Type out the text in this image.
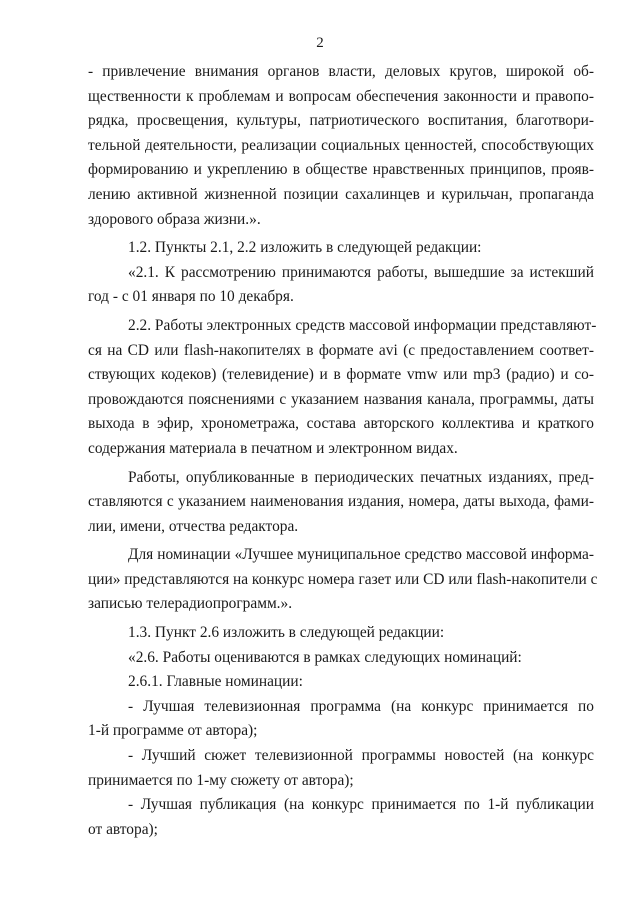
2

- привлечение внимания органов власти, деловых кругов, широкой об-
щественности к проблемам и вопросам обеспечения законности и правопо-
рядка, просвещения, культуры, патриотического воспитания, благотвори-
тельной деятельности, реализации социальных ценностей, способствующих
формированию и укреплению в обществе нравственных принципов, прояв-
лению активной жизненной позиции сахалинцев и курильчан, пропаганда
здорового образа жизни.».

1.2. Пункты 2.1, 2.2 изложить в следующей редакции:

«2.1. К рассмотрению принимаются работы, вышедшие за истекший
год - с 01 января по 10 декабря.

2.2. Работы электронных средств массовой информации представляют-
ся на CD или flash-накопителях в формате avi (с предоставлением соответ-
ствующих кодеков) (телевидение) и в формате vmw или mp3 (радио) и со-
провождаются пояснениями с указанием названия канала, программы, даты
выхода в эфир, хронометража, состава авторского коллектива и краткого
содержания материала в печатном и электронном видах.

Работы, опубликованные в периодических печатных изданиях, пред-
ставляются с указанием наименования издания, номера, даты выхода, фами-
лии, имени, отчества редактора.

Для номинации «Лучшее муниципальное средство массовой информа-
ции» представляются на конкурс номера газет или CD или flash-накопители с
записью телерадиопрограмм.».

1.3. Пункт 2.6 изложить в следующей редакции:

«2.6. Работы оцениваются в рамках следующих номинаций:

2.6.1. Главные номинации:

- Лучшая телевизионная программа (на конкурс принимается по
1-й программе от автора);

- Лучший сюжет телевизионной программы новостей (на конкурс
принимается по 1-му сюжету от автора);

- Лучшая публикация (на конкурс принимается по 1-й публикации
от автора);
